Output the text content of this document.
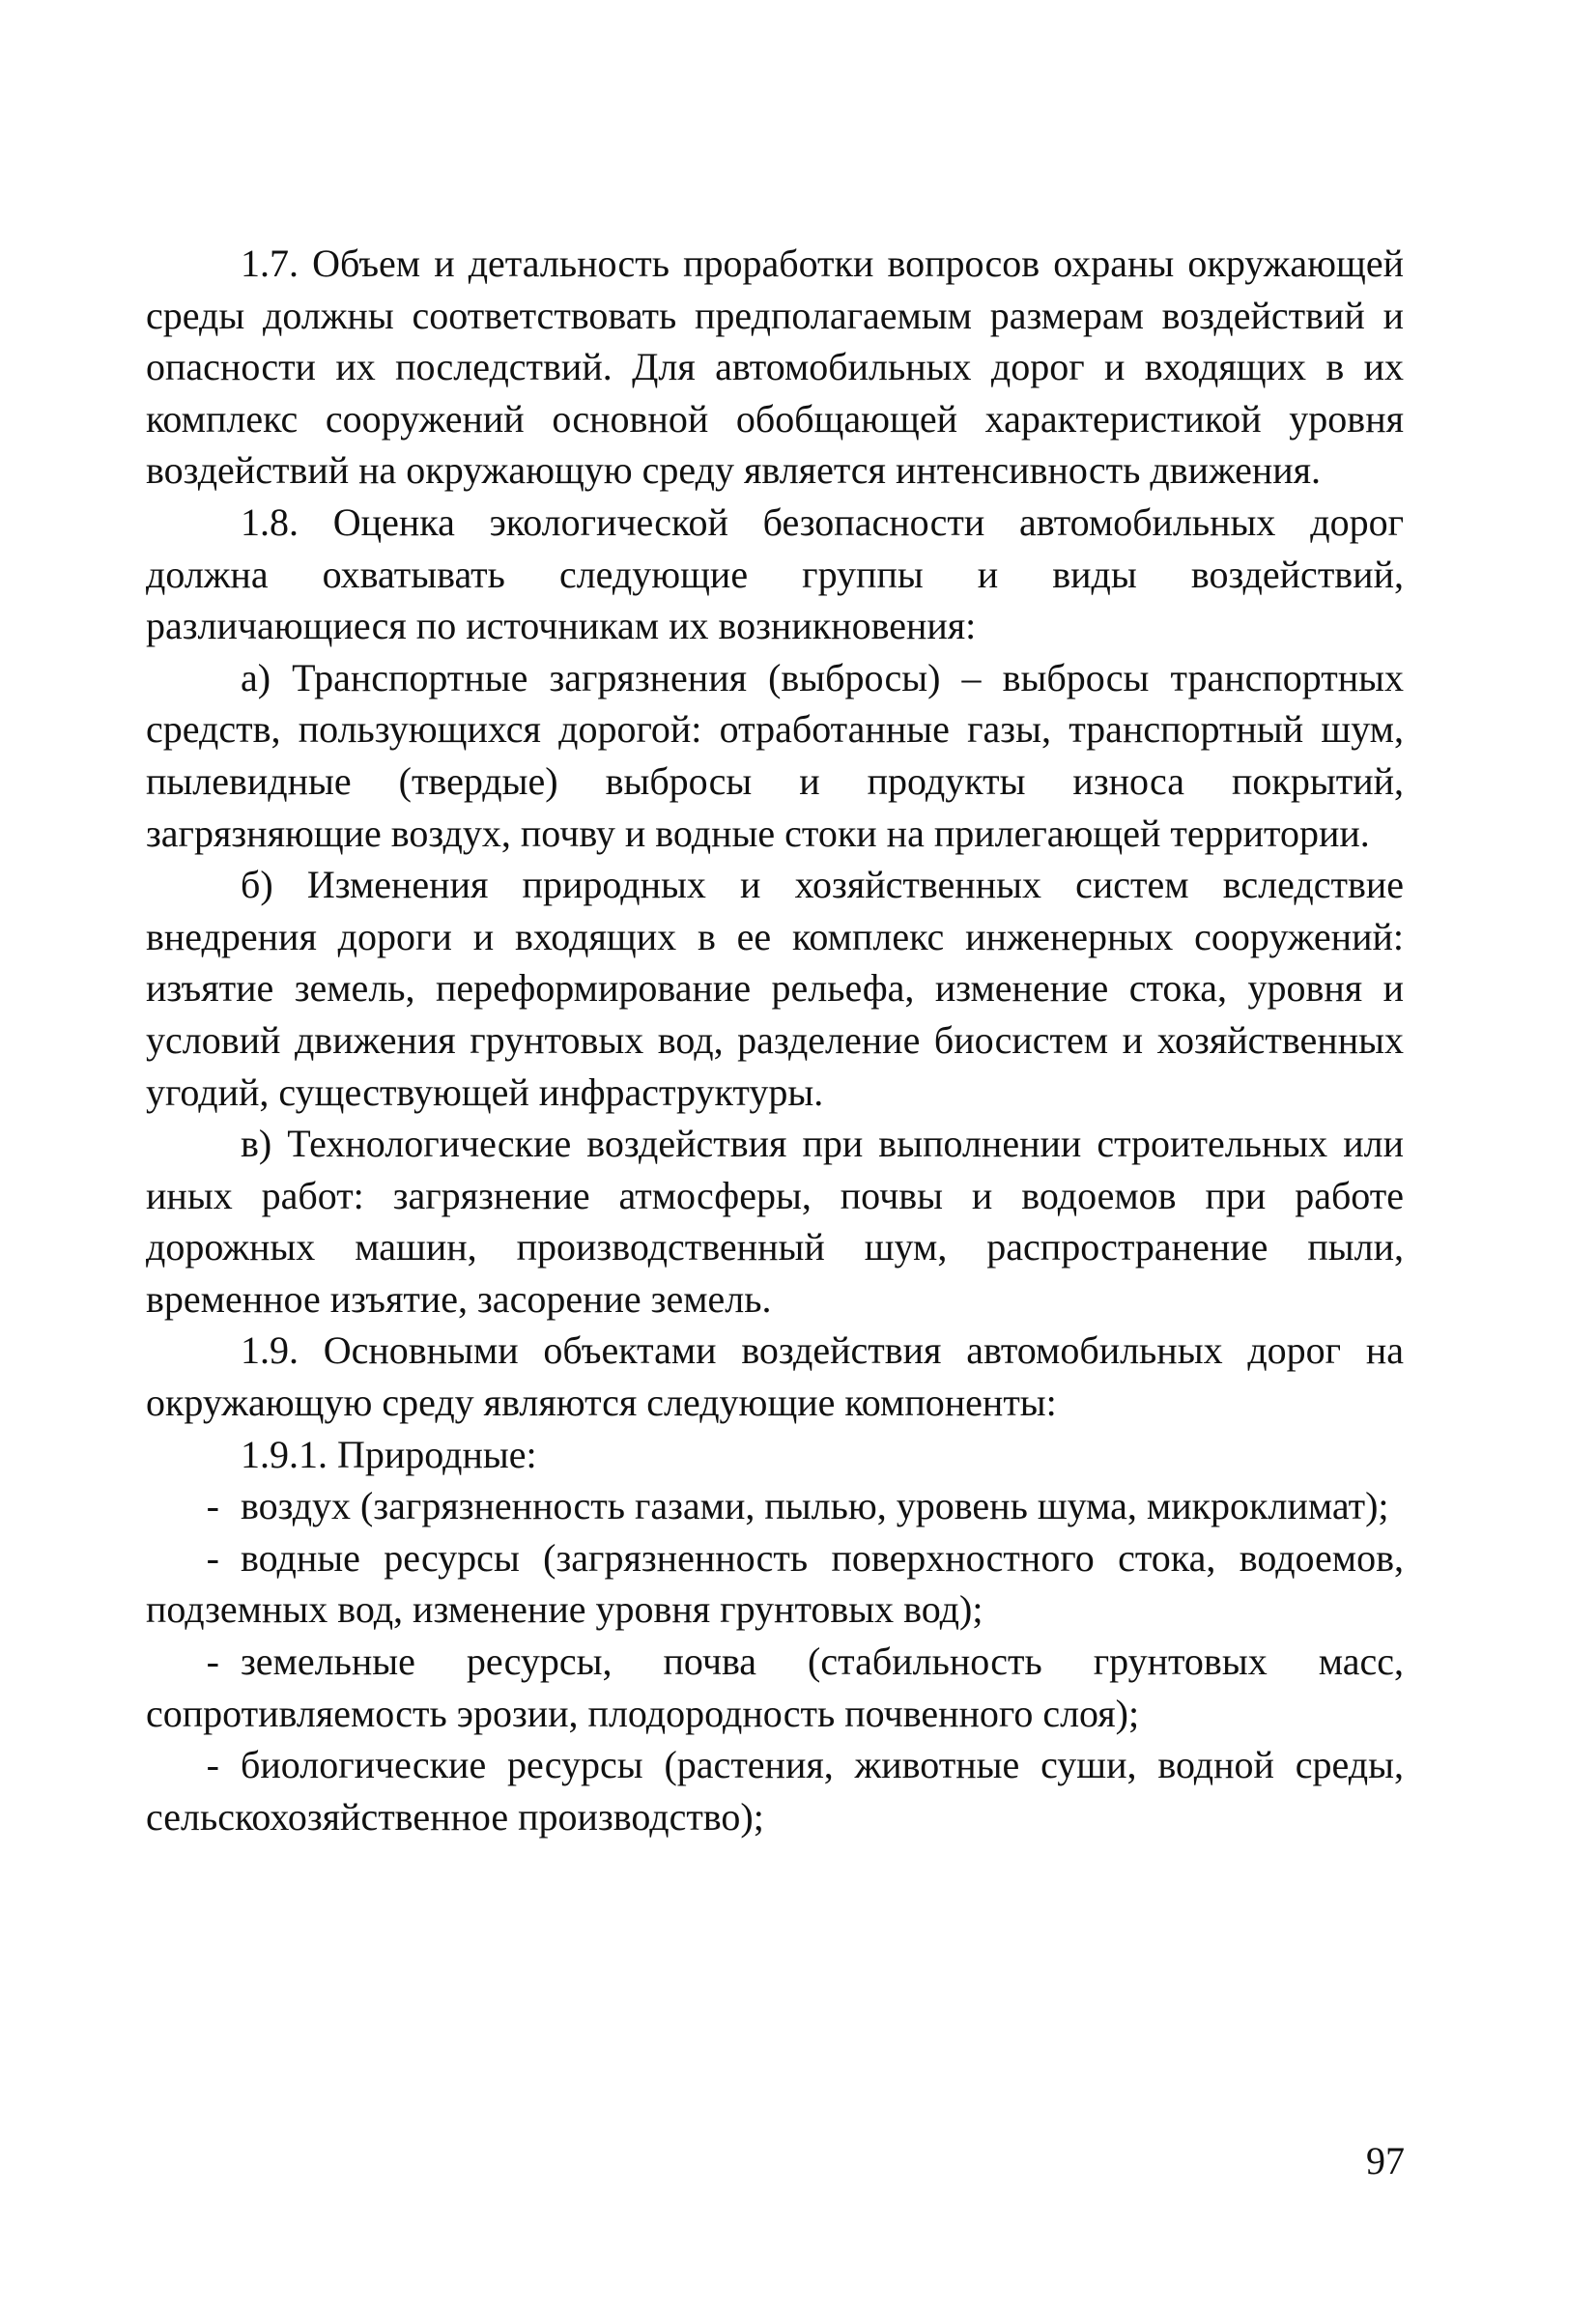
1.7. Объем и детальность проработки вопросов охраны окружающей среды должны соответствовать предполагаемым размерам воздействий и опасности их последствий. Для автомобильных дорог и входящих в их комплекс сооружений основной обобщающей характеристикой уровня воздействий на окружающую среду является интенсивность движения.

1.8. Оценка экологической безопасности автомобильных дорог должна охватывать следующие группы и виды воздействий, различающиеся по источникам их возникновения:

а) Транспортные загрязнения (выбросы) – выбросы транспортных средств, пользующихся дорогой: отработанные газы, транспортный шум, пылевидные (твердые) выбросы и продукты износа покрытий, загрязняющие воздух, почву и водные стоки на прилегающей территории.

б) Изменения природных и хозяйственных систем вследствие внедрения дороги и входящих в ее комплекс инженерных сооружений: изъятие земель, переформирование рельефа, изменение стока, уровня и условий движения грунтовых вод, разделение биосистем и хозяйственных угодий, существующей инфраструктуры.

в) Технологические воздействия при выполнении строительных или иных работ: загрязнение атмосферы, почвы и водоемов при работе дорожных машин, производственный шум, распространение пыли, временное изъятие, засорение земель.

1.9. Основными объектами воздействия автомобильных дорог на окружающую среду являются следующие компоненты:

1.9.1. Природные:

- воздух (загрязненность газами, пылью, уровень шума, микроклимат);

- водные ресурсы (загрязненность поверхностного стока, водоемов, подземных вод, изменение уровня грунтовых вод);

- земельные ресурсы, почва (стабильность грунтовых масс, сопротивляемость эрозии, плодородность почвенного слоя);

- биологические ресурсы (растения, животные суши, водной среды, сельскохозяйственное производство);

97
